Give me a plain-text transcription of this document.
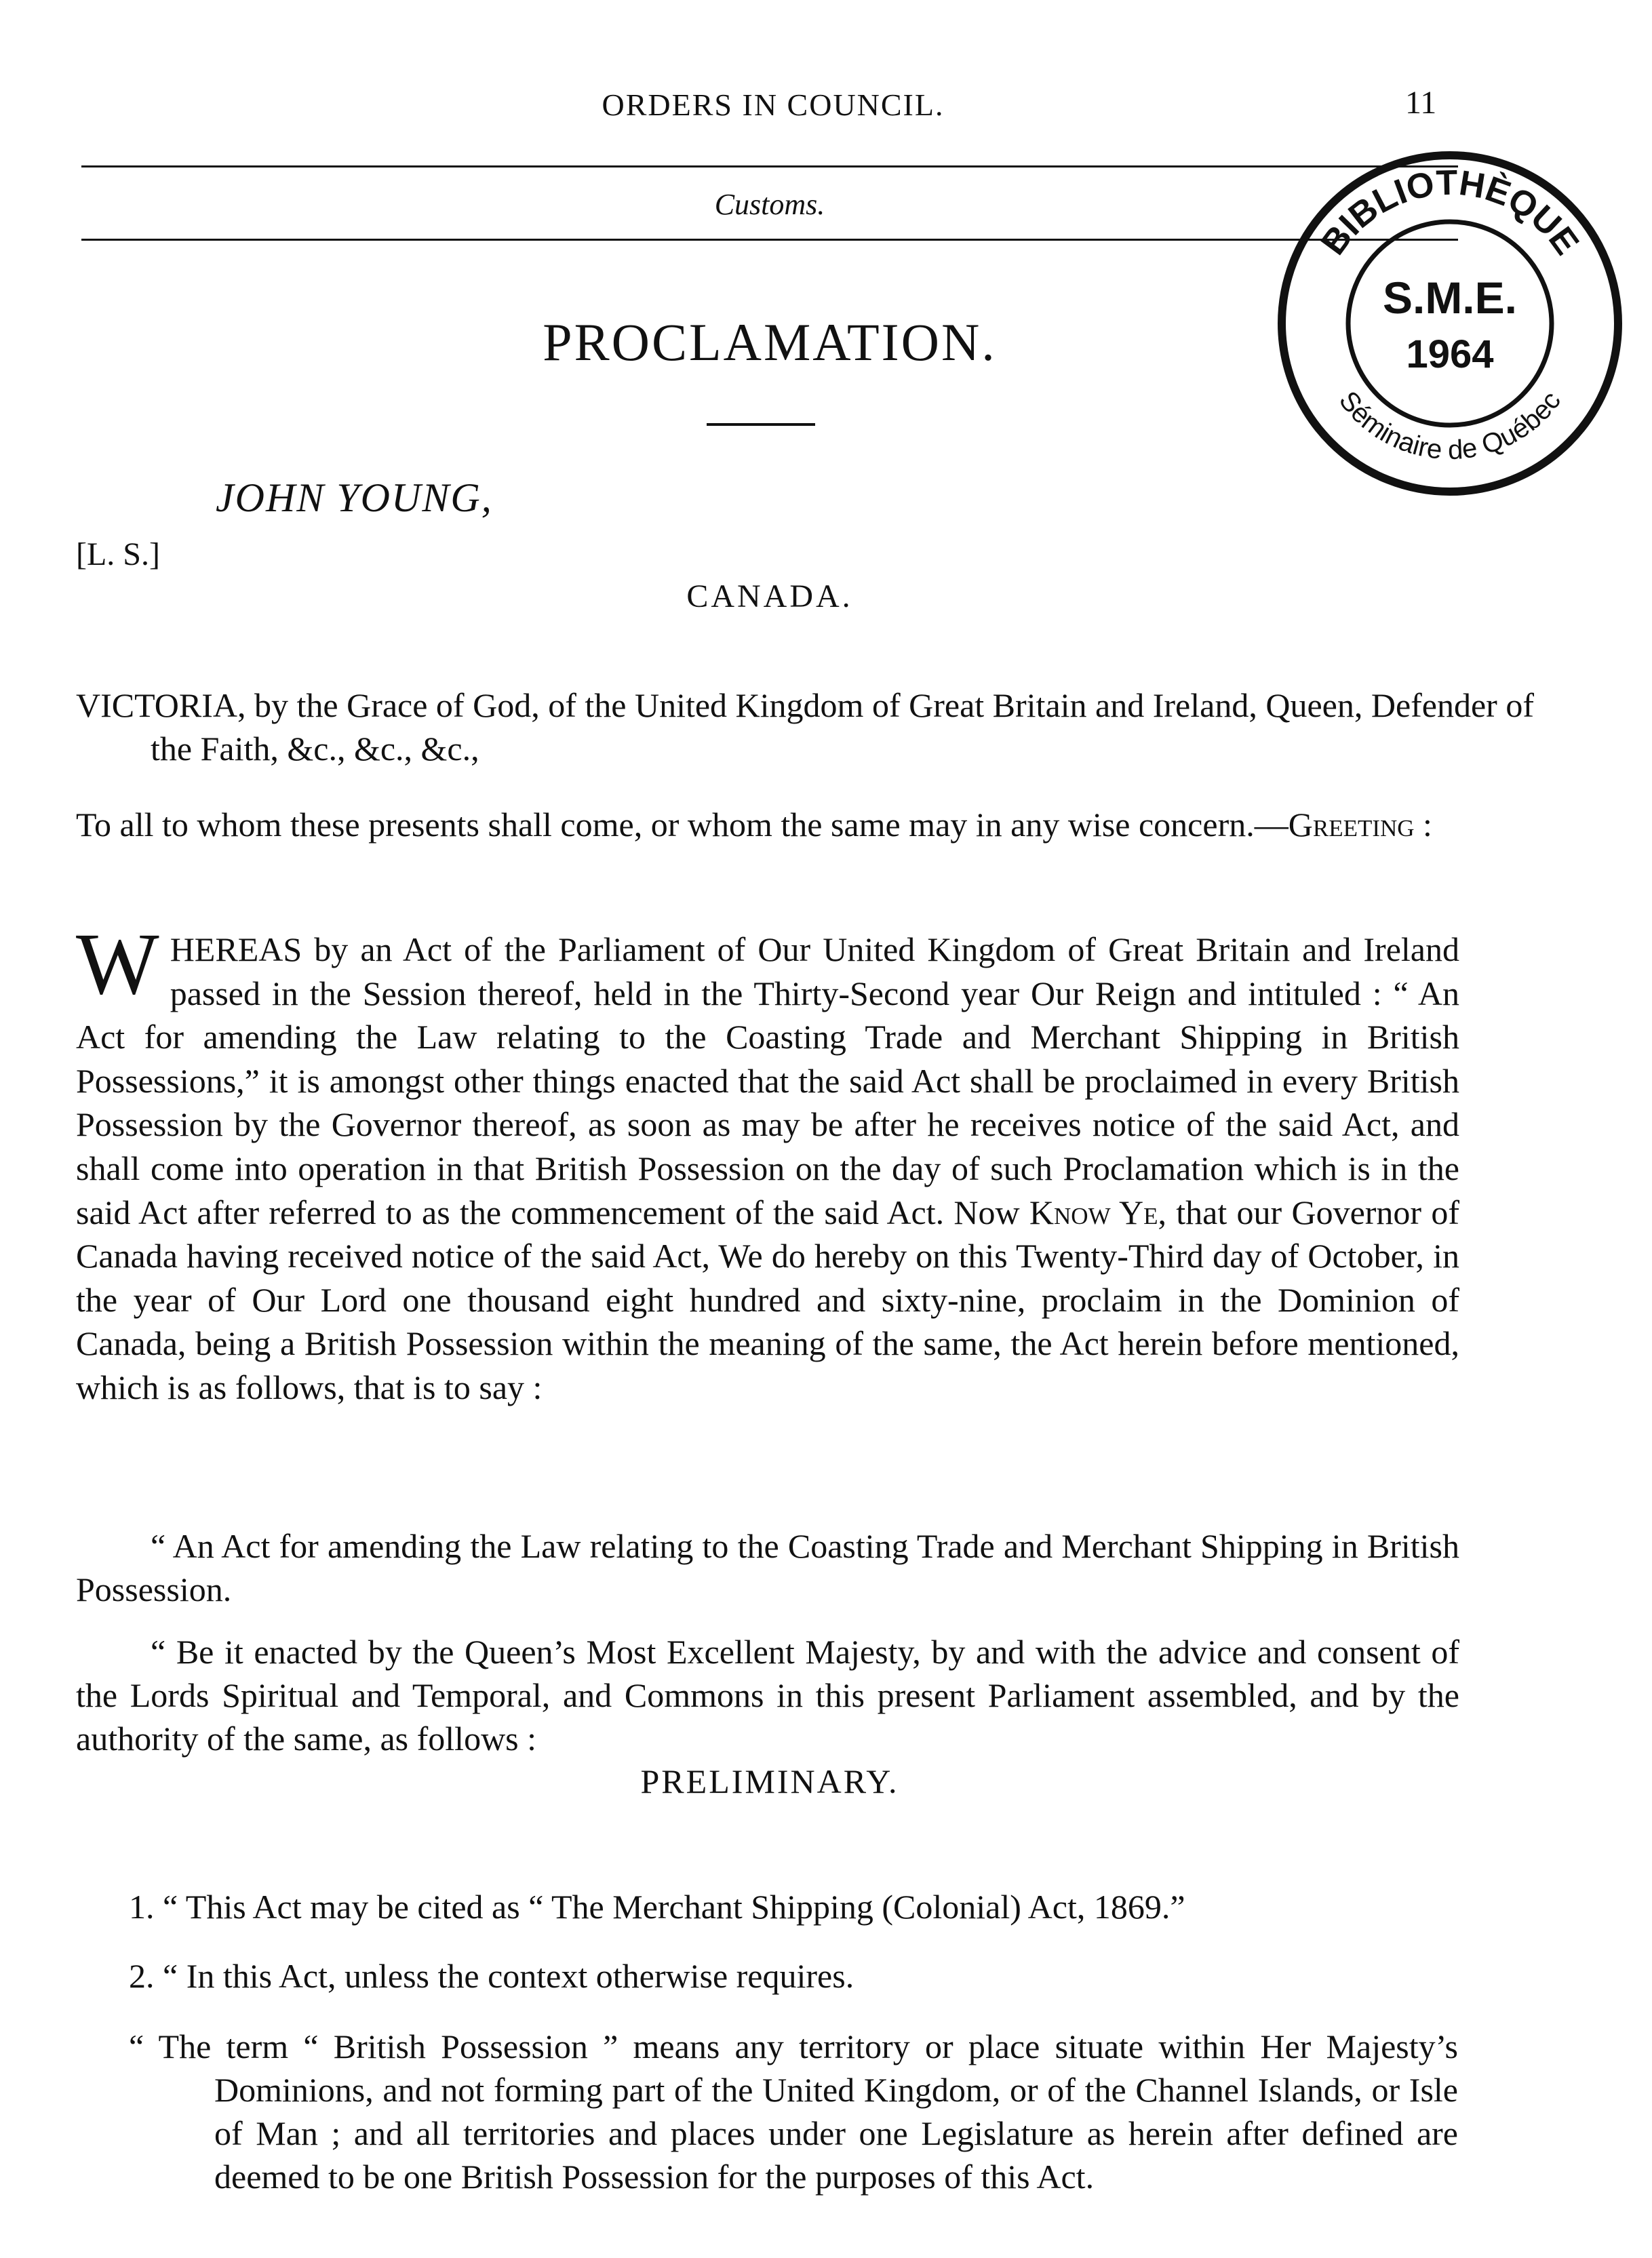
ORDERS IN COUNCIL.	11
Customs.
PROCLAMATION.
JOHN YOUNG,
[L. S.]
CANADA.

VICTORIA, by the Grace of God, of the United Kingdom of Great Britain and Ireland, Queen, Defender of the Faith, &c., &c., &c.,

To all to whom these presents shall come, or whom the same may in any wise concern.—Greeting :

WHEREAS by an Act of the Parliament of Our United Kingdom of Great Britain and Ireland passed in the Session thereof, held in the Thirty-Second year Our Reign and intituled : “ An Act for amending the Law relating to the Coasting Trade and Merchant Shipping in British Possessions,” it is amongst other things enacted that the said Act shall be proclaimed in every British Possession by the Governor thereof, as soon as may be after he receives notice of the said Act, and shall come into operation in that British Possession on the day of such Proclamation which is in the said Act after referred to as the commencement of the said Act. Now Know Ye, that our Governor of Canada having received notice of the said Act, We do hereby on this Twenty-Third day of October, in the year of Our Lord one thousand eight hundred and sixty-nine, proclaim in the Dominion of Canada, being a British Possession within the meaning of the same, the Act herein before mentioned, which is as follows, that is to say :

“ An Act for amending the Law relating to the Coasting Trade and Merchant Shipping in British Possession.

“ Be it enacted by the Queen’s Most Excellent Majesty, by and with the advice and consent of the Lords Spiritual and Temporal, and Commons in this present Parliament assembled, and by the authority of the same, as follows :

PRELIMINARY.

1. “ This Act may be cited as “ The Merchant Shipping (Colonial) Act, 1869.”

2. “ In this Act, unless the context otherwise requires.

“ The term “ British Possession ” means any territory or place situate within Her Majesty’s Dominions, and not forming part of the United Kingdom, or of the Channel Islands, or Isle of Man ; and all territories and places under one Legislature as herein after defined are deemed to be one British Possession for the purposes of this Act.

BIBLIOTHÈQUE
Séminaire de Québec
S.M.E.
1964
